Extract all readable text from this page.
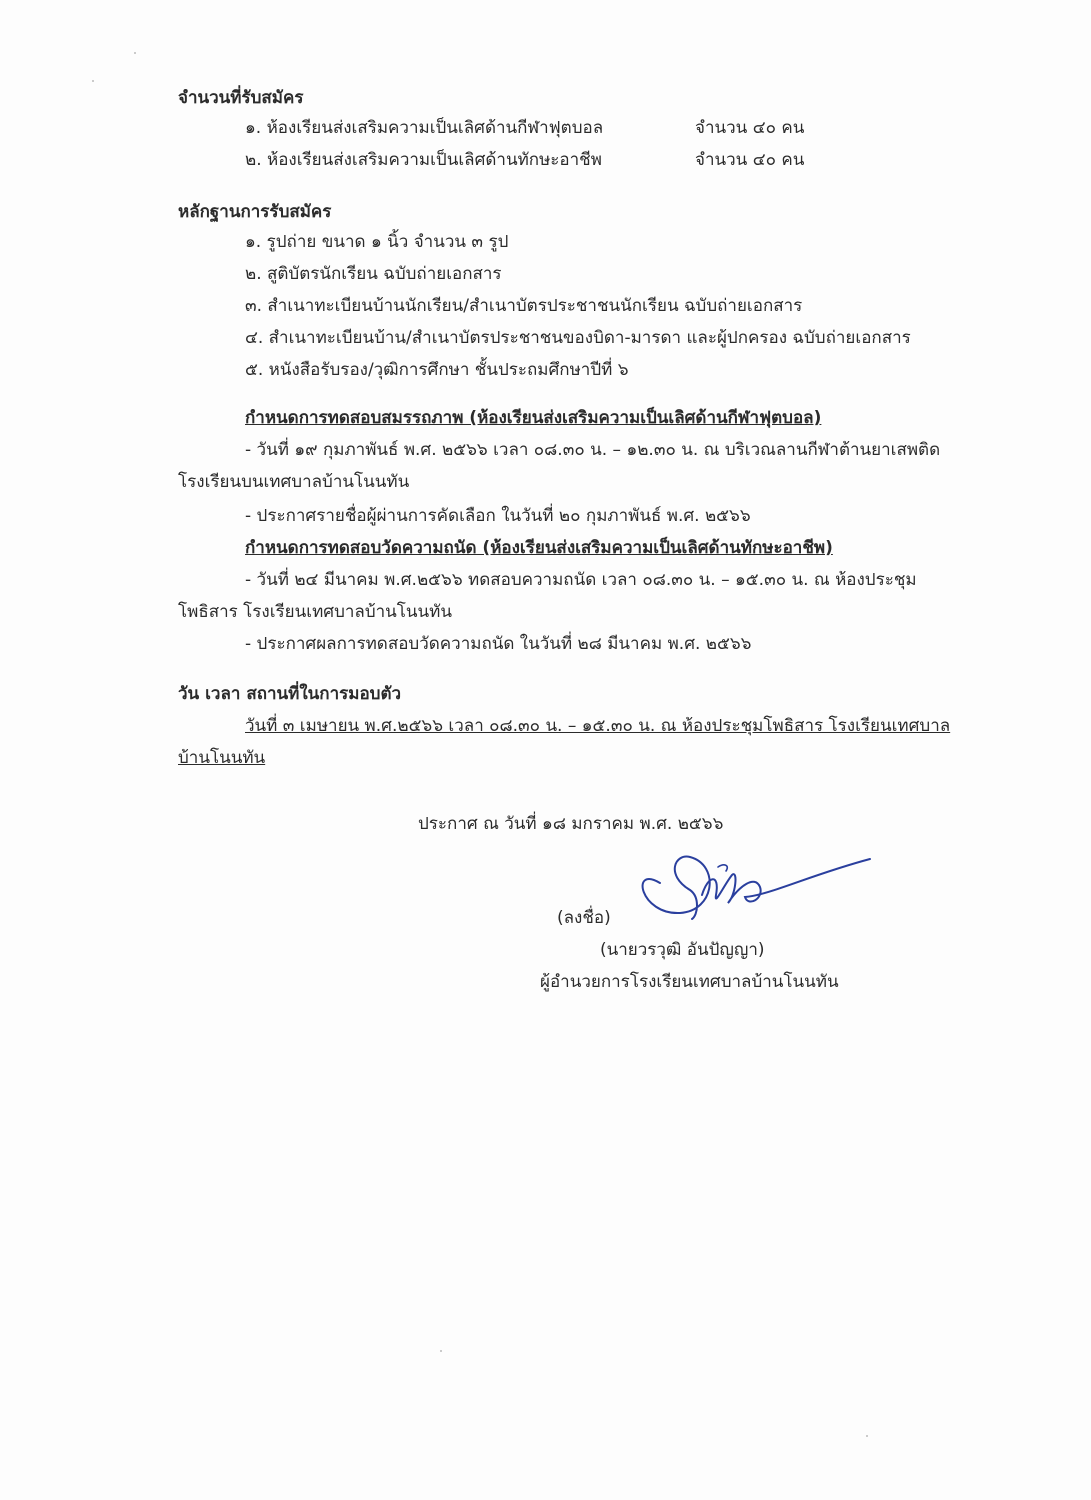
จำนวนที่รับสมัคร
๑. ห้องเรียนส่งเสริมความเป็นเลิศด้านกีฬาฟุตบอล	จำนวน ๔๐ คน
๒. ห้องเรียนส่งเสริมความเป็นเลิศด้านทักษะอาชีพ	จำนวน ๔๐ คน
หลักฐานการรับสมัคร
๑. รูปถ่าย ขนาด ๑ นิ้ว จำนวน ๓ รูป
๒. สูติบัตรนักเรียน ฉบับถ่ายเอกสาร
๓. สำเนาทะเบียนบ้านนักเรียน/สำเนาบัตรประชาชนนักเรียน ฉบับถ่ายเอกสาร
๔. สำเนาทะเบียนบ้าน/สำเนาบัตรประชาชนของบิดา-มารดา และผู้ปกครอง ฉบับถ่ายเอกสาร
๕. หนังสือรับรอง/วุฒิการศึกษา ชั้นประถมศึกษาปีที่ ๖
กำหนดการทดสอบสมรรถภาพ (ห้องเรียนส่งเสริมความเป็นเลิศด้านกีฬาฟุตบอล)
- วันที่ ๑๙ กุมภาพันธ์ พ.ศ. ๒๕๖๖ เวลา ๐๘.๓๐ น. – ๑๒.๓๐ น. ณ บริเวณลานกีฬาต้านยาเสพติด
โรงเรียนบนเทศบาลบ้านโนนทัน
- ประกาศรายชื่อผู้ผ่านการคัดเลือก ในวันที่ ๒๐ กุมภาพันธ์ พ.ศ. ๒๕๖๖
กำหนดการทดสอบวัดความถนัด (ห้องเรียนส่งเสริมความเป็นเลิศด้านทักษะอาชีพ)
- วันที่ ๒๔ มีนาคม พ.ศ.๒๕๖๖ ทดสอบความถนัด เวลา ๐๘.๓๐ น. – ๑๕.๓๐ น. ณ ห้องประชุม
โพธิสาร โรงเรียนเทศบาลบ้านโนนทัน
- ประกาศผลการทดสอบวัดความถนัด ในวันที่ ๒๘ มีนาคม พ.ศ. ๒๕๖๖
วัน เวลา สถานที่ในการมอบตัว
วันที่ ๓ เมษายน พ.ศ.๒๕๖๖ เวลา ๐๘.๓๐ น. – ๑๕.๓๐ น. ณ ห้องประชุมโพธิสาร โรงเรียนเทศบาล
บ้านโนนทัน
ประกาศ ณ วันที่ ๑๘ มกราคม พ.ศ. ๒๕๖๖
(ลงชื่อ)
(นายวรวุฒิ อันปัญญา)
ผู้อำนวยการโรงเรียนเทศบาลบ้านโนนทัน
